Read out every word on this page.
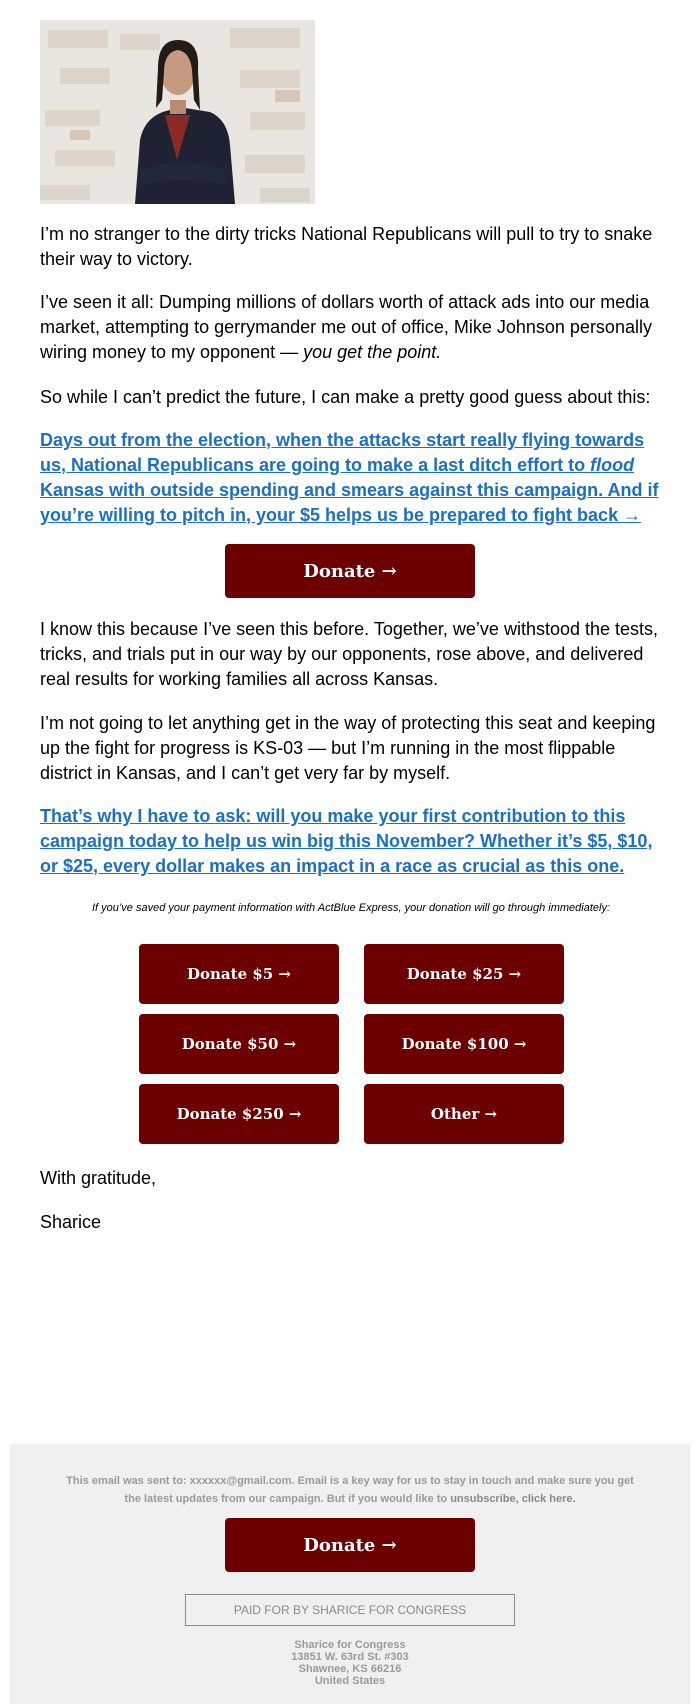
I’m no stranger to the dirty tricks National Republicans will pull to try to snake their way to victory.

I’ve seen it all: Dumping millions of dollars worth of attack ads into our media market, attempting to gerrymander me out of office, Mike Johnson personally wiring money to my opponent — you get the point.

So while I can’t predict the future, I can make a pretty good guess about this:

Days out from the election, when the attacks start really flying towards us, National Republicans are going to make a last ditch effort to flood Kansas with outside spending and smears against this campaign. And if you’re willing to pitch in, your $5 helps us be prepared to fight back →

Donate →

I know this because I’ve seen this before. Together, we’ve withstood the tests, tricks, and trials put in our way by our opponents, rose above, and delivered real results for working families all across Kansas.

I’m not going to let anything get in the way of protecting this seat and keeping up the fight for progress is KS-03 — but I’m running in the most flippable district in Kansas, and I can’t get very far by myself.

That’s why I have to ask: will you make your first contribution to this campaign today to help us win big this November? Whether it’s $5, $10, or $25, every dollar makes an impact in a race as crucial as this one.

If you’ve saved your payment information with ActBlue Express, your donation will go through immediately:
Donate $5 →	Donate $25 →
Donate $50 →	Donate $100 →
Donate $250 →	Other →

With gratitude,

Sharice

This email was sent to: xxxxxx@gmail.com. Email is a key way for us to stay in touch and make sure you get the latest updates from our campaign. But if you would like to unsubscribe, click here.
Donate →
PAID FOR BY SHARICE FOR CONGRESS
Sharice for Congress
13851 W. 63rd St. #303
Shawnee, KS 66216
United States
